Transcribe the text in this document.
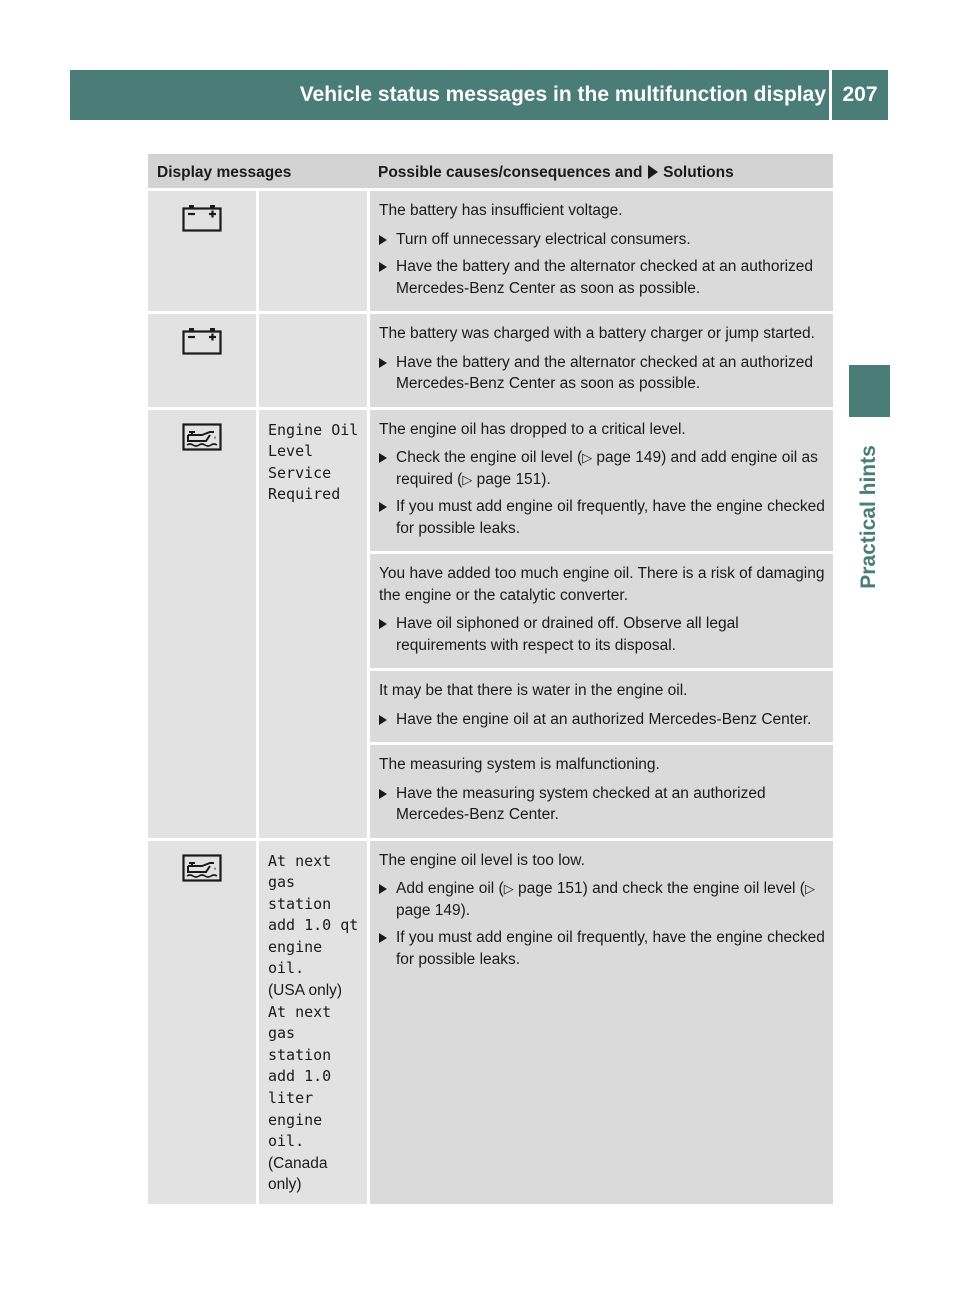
Vehicle status messages in the multifunction display 207
Practical hints
Display messages	Possible causes/consequences and Solutions
The battery has insufficient voltage.
Turn off unnecessary electrical consumers.
Have the battery and the alternator checked at an authorized Mercedes-Benz Center as soon as possible.
The battery was charged with a battery charger or jump started.
Have the battery and the alternator checked at an authorized Mercedes-Benz Center as soon as possible.
Engine Oil Level Service Required
The engine oil has dropped to a critical level.
Check the engine oil level (▷ page 149) and add engine oil as required (▷ page 151).
If you must add engine oil frequently, have the engine checked for possible leaks.
You have added too much engine oil. There is a risk of damaging the engine or the catalytic converter.
Have oil siphoned or drained off. Observe all legal requirements with respect to its disposal.
It may be that there is water in the engine oil.
Have the engine oil at an authorized Mercedes-Benz Center.
The measuring system is malfunctioning.
Have the measuring system checked at an authorized Mercedes-Benz Center.
At next gas station add 1.0 qt engine oil.
(USA only)
At next gas station add 1.0 liter engine oil.
(Canada only)
The engine oil level is too low.
Add engine oil (▷ page 151) and check the engine oil level (▷ page 149).
If you must add engine oil frequently, have the engine checked for possible leaks.
